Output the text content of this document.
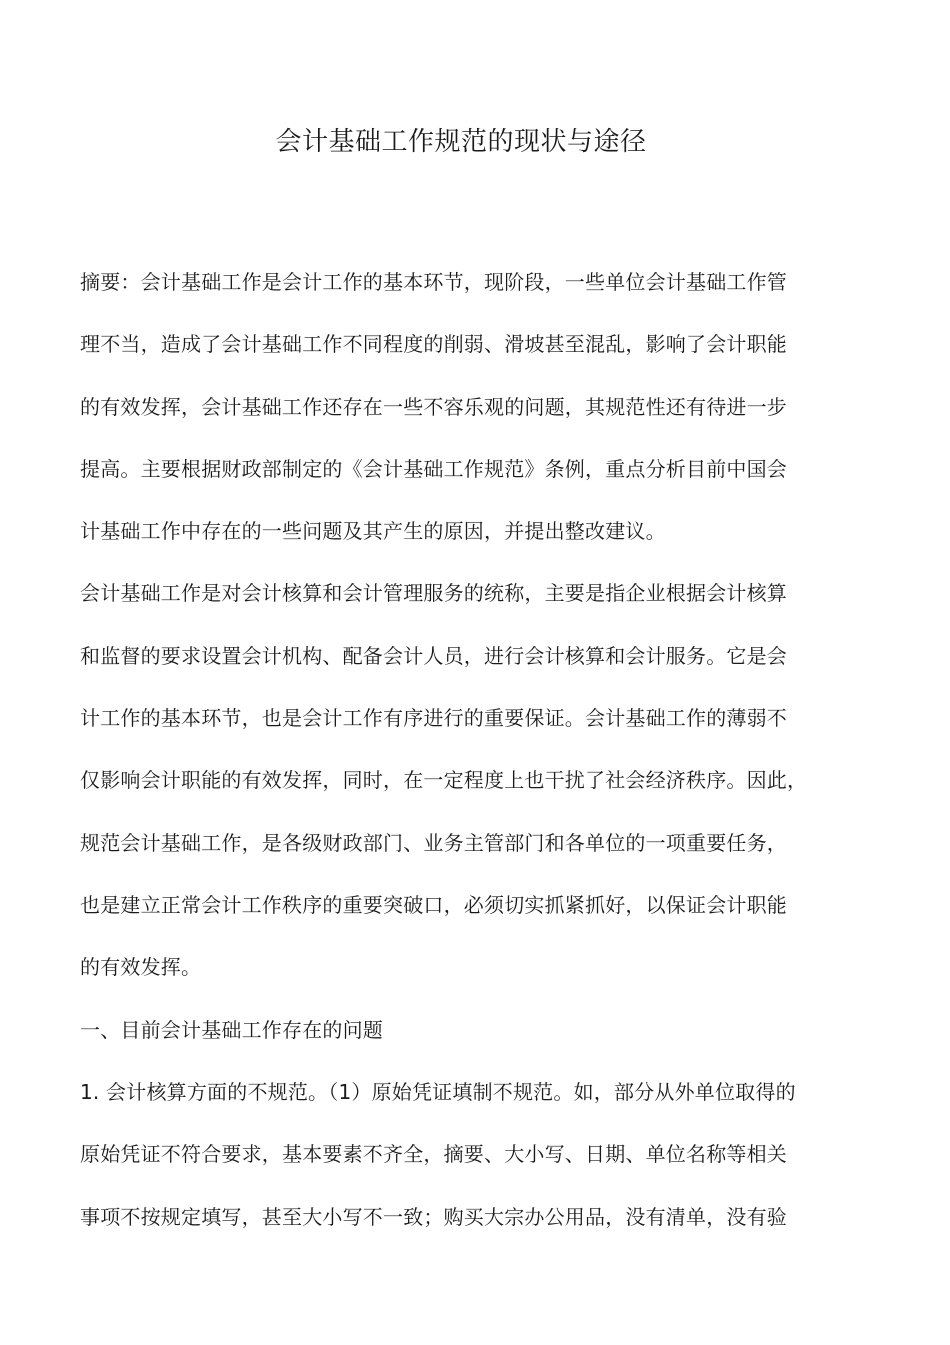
会计基础工作规范的现状与途径
摘要：会计基础工作是会计工作的基本环节，现阶段，一些单位会计基础工作管
理不当，造成了会计基础工作不同程度的削弱、滑坡甚至混乱，影响了会计职能
的有效发挥，会计基础工作还存在一些不容乐观的问题，其规范性还有待进一步
提高。主要根据财政部制定的《会计基础工作规范》条例，重点分析目前中国会
计基础工作中存在的一些问题及其产生的原因，并提出整改建议。
会计基础工作是对会计核算和会计管理服务的统称，主要是指企业根据会计核算
和监督的要求设置会计机构、配备会计人员，进行会计核算和会计服务。它是会
计工作的基本环节，也是会计工作有序进行的重要保证。会计基础工作的薄弱不
仅影响会计职能的有效发挥，同时，在一定程度上也干扰了社会经济秩序。因此，
规范会计基础工作，是各级财政部门、业务主管部门和各单位的一项重要任务，
也是建立正常会计工作秩序的重要突破口，必须切实抓紧抓好，以保证会计职能
的有效发挥。
一、目前会计基础工作存在的问题
1. 会计核算方面的不规范。（1）原始凭证填制不规范。如，部分从外单位取得的
原始凭证不符合要求，基本要素不齐全，摘要、大小写、日期、单位名称等相关
事项不按规定填写，甚至大小写不一致；购买大宗办公用品，没有清单，没有验
